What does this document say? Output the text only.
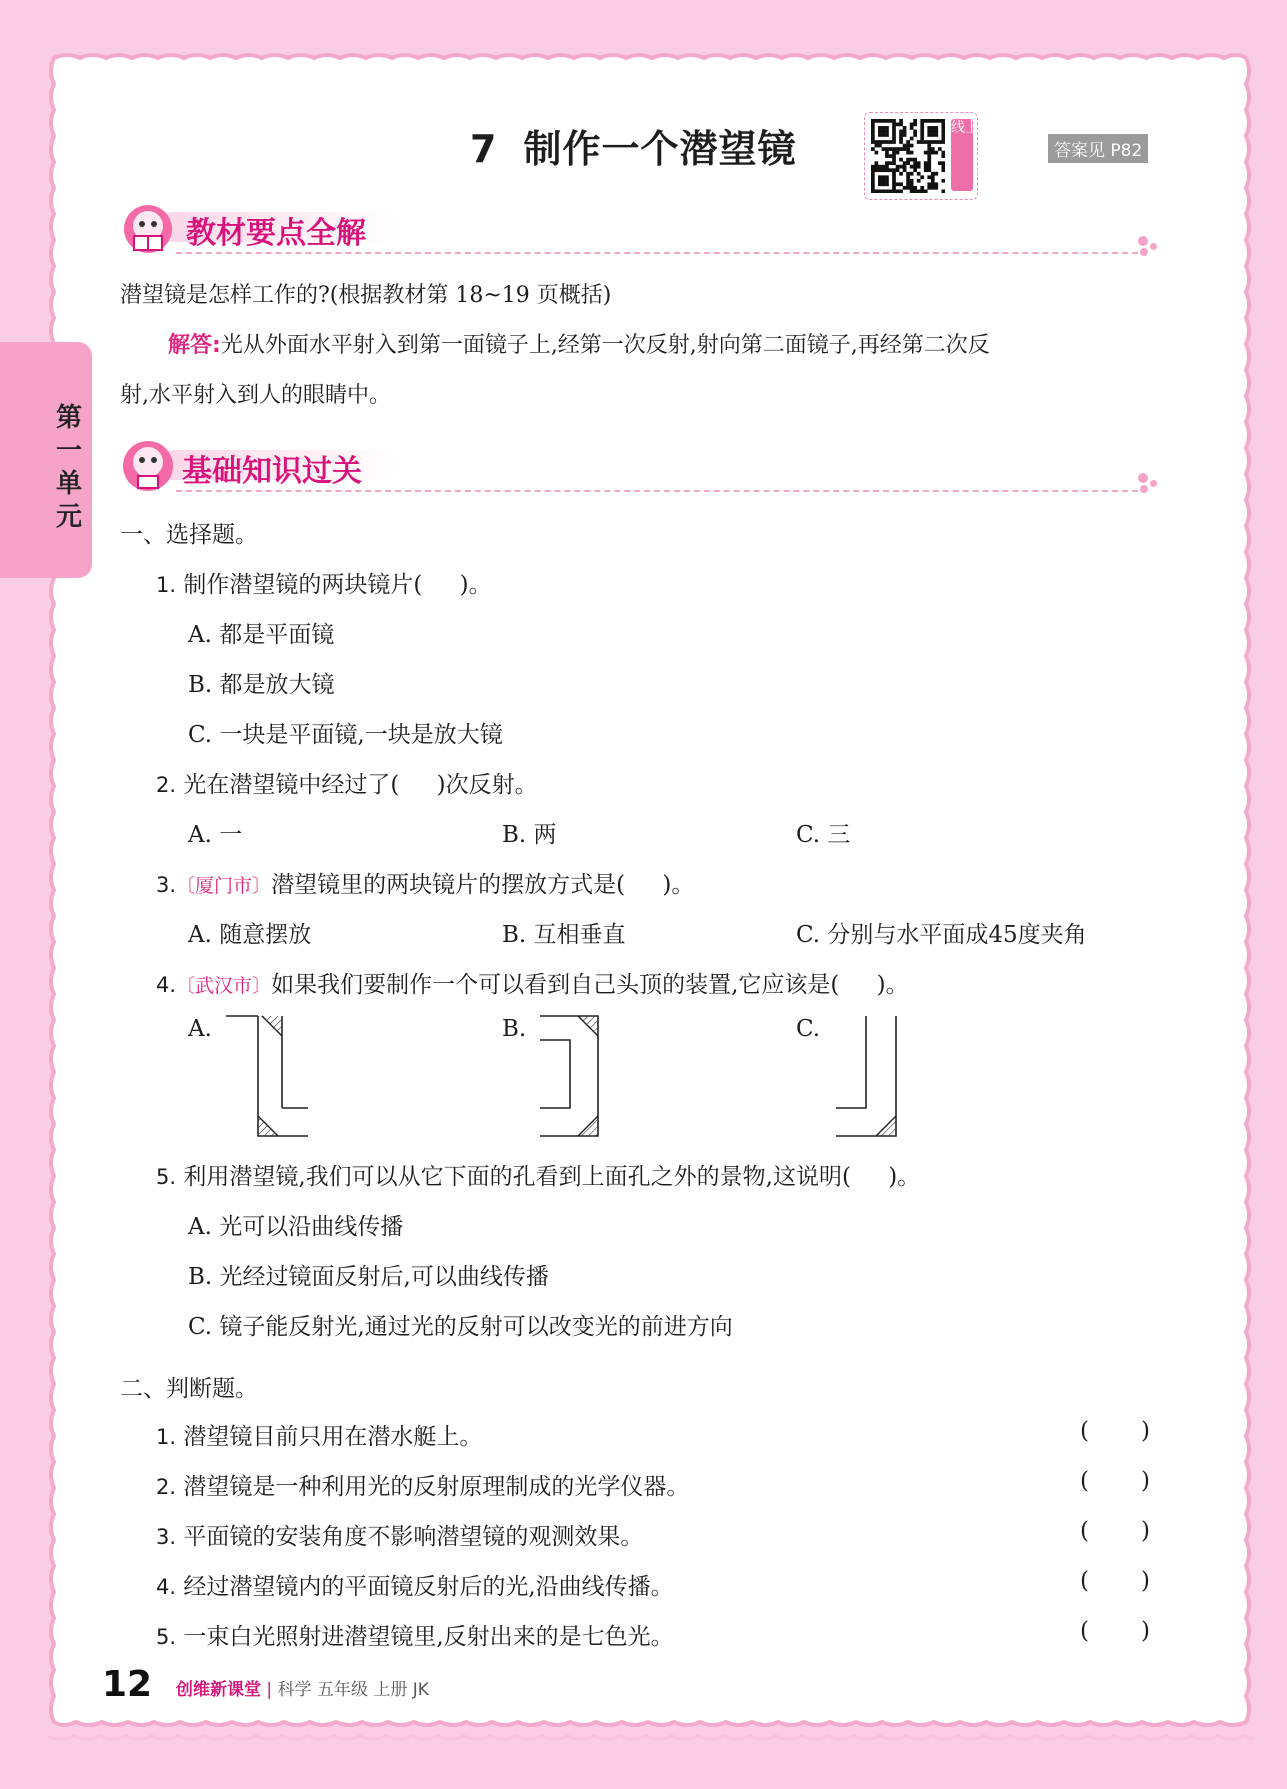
7 制作一个潜望镜	线上资源
答案见 P82
第一单元
教材要点全解
潜望镜是怎样工作的?(根据教材第 18~19 页概括)
解答:光从外面水平射入到第一面镜子上,经第一次反射,射向第二面镜子,再经第二次反
射,水平射入到人的眼睛中。
基础知识过关
一、选择题。
1. 制作潜望镜的两块镜片( )。
A. 都是平面镜
B. 都是放大镜
C. 一块是平面镜,一块是放大镜
2. 光在潜望镜中经过了( )次反射。
A. 一	B. 两	C. 三
3.〔厦门市〕潜望镜里的两块镜片的摆放方式是( )。
A. 随意摆放	B. 互相垂直	C. 分别与水平面成45度夹角
4.〔武汉市〕如果我们要制作一个可以看到自己头顶的装置,它应该是( )。
A.	B.	C.
5. 利用潜望镜,我们可以从它下面的孔看到上面孔之外的景物,这说明( )。
A. 光可以沿曲线传播
B. 光经过镜面反射后,可以曲线传播
C. 镜子能反射光,通过光的反射可以改变光的前进方向
二、判断题。
1. 潜望镜目前只用在潜水艇上。	( )
2. 潜望镜是一种利用光的反射原理制成的光学仪器。	( )
3. 平面镜的安装角度不影响潜望镜的观测效果。	( )
4. 经过潜望镜内的平面镜反射后的光,沿曲线传播。	( )
5. 一束白光照射进潜望镜里,反射出来的是七色光。	( )
12 创维新课堂 | 科学 五年级 上册 JK
